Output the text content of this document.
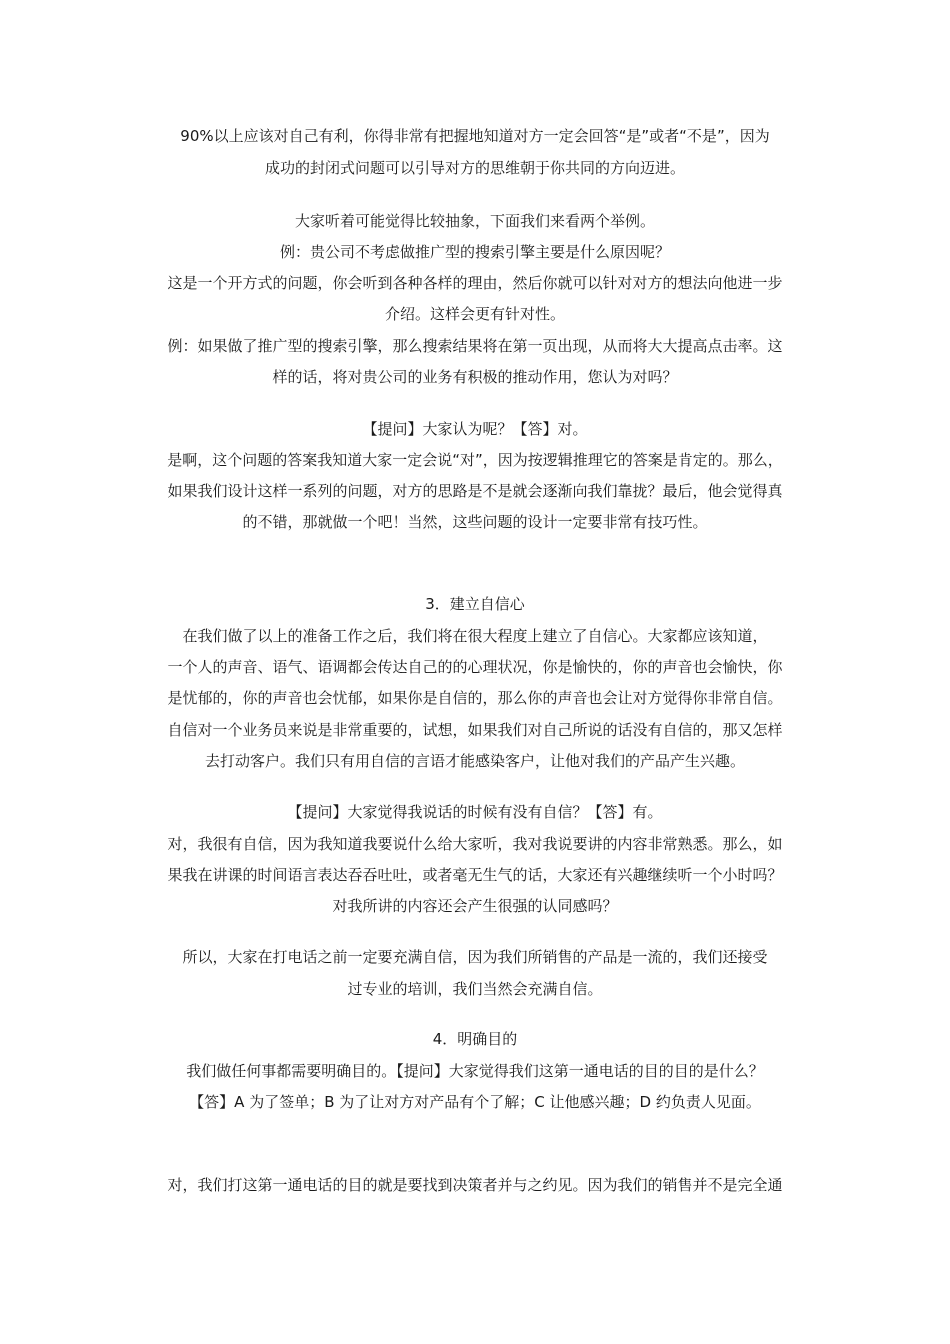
90%以上应该对自己有利，你得非常有把握地知道对方一定会回答“是”或者“不是”，因为
成功的封闭式问题可以引导对方的思维朝于你共同的方向迈进。
大家听着可能觉得比较抽象，下面我们来看两个举例。
例：贵公司不考虑做推广型的搜索引擎主要是什么原因呢？
这是一个开方式的问题，你会听到各种各样的理由，然后你就可以针对对方的想法向他进一步
介绍。这样会更有针对性。
例：如果做了推广型的搜索引擎，那么搜索结果将在第一页出现，从而将大大提高点击率。这
样的话，将对贵公司的业务有积极的推动作用，您认为对吗？
【提问】大家认为呢？【答】对。
是啊，这个问题的答案我知道大家一定会说“对”，因为按逻辑推理它的答案是肯定的。那么，
如果我们设计这样一系列的问题，对方的思路是不是就会逐渐向我们靠拢？最后，他会觉得真
的不错，那就做一个吧！当然，这些问题的设计一定要非常有技巧性。
3．建立自信心
在我们做了以上的准备工作之后，我们将在很大程度上建立了自信心。大家都应该知道，
一个人的声音、语气、语调都会传达自己的的心理状况，你是愉快的，你的声音也会愉快，你
是忧郁的，你的声音也会忧郁，如果你是自信的，那么你的声音也会让对方觉得你非常自信。
自信对一个业务员来说是非常重要的，试想，如果我们对自己所说的话没有自信的，那又怎样
去打动客户。我们只有用自信的言语才能感染客户，让他对我们的产品产生兴趣。
【提问】大家觉得我说话的时候有没有自信？【答】有。
对，我很有自信，因为我知道我要说什么给大家听，我对我说要讲的内容非常熟悉。那么，如
果我在讲课的时间语言表达吞吞吐吐，或者毫无生气的话，大家还有兴趣继续听一个小时吗？
对我所讲的内容还会产生很强的认同感吗？
所以，大家在打电话之前一定要充满自信，因为我们所销售的产品是一流的，我们还接受
过专业的培训，我们当然会充满自信。
4．明确目的
我们做任何事都需要明确目的。【提问】大家觉得我们这第一通电话的目的目的是什么？
【答】A 为了签单；B 为了让对方对产品有个了解；C 让他感兴趣；D 约负责人见面。
对，我们打这第一通电话的目的就是要找到决策者并与之约见。因为我们的销售并不是完全通
